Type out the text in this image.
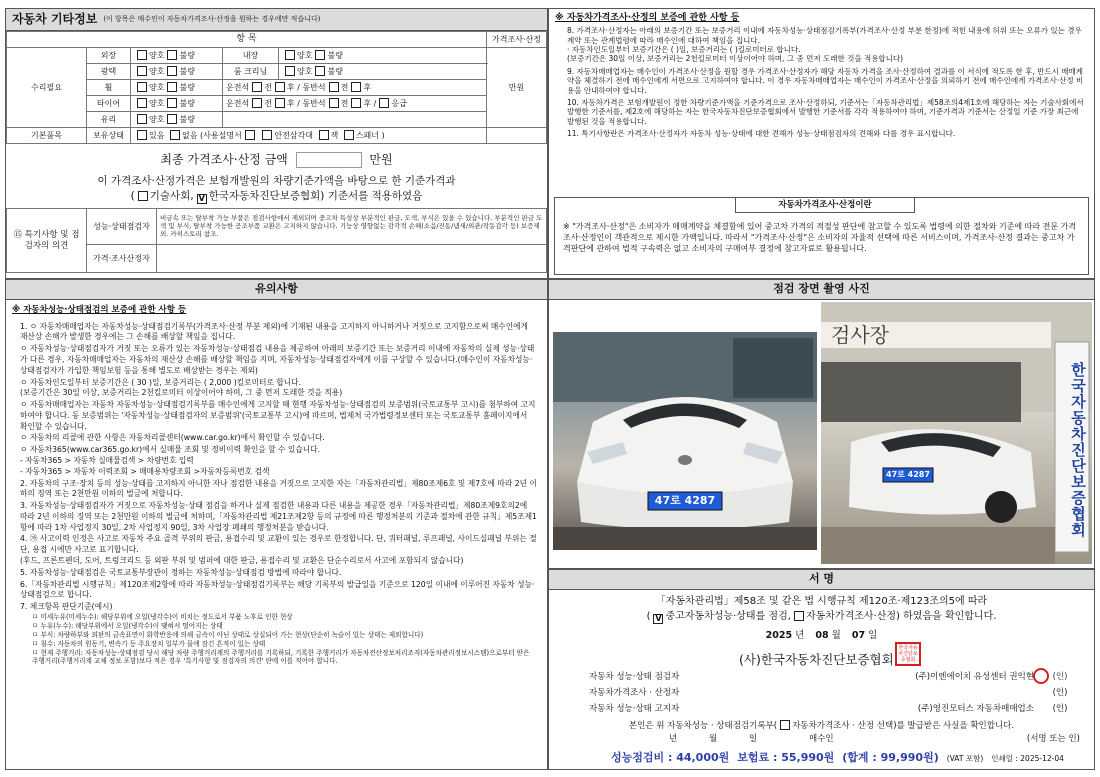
자동차 기타정보 (이 항목은 매수인이 자동차가격조사·산정을 원하는 경우에만 적습니다)
항 목					가격조사·산정
수리필요	외장	양호 불량	내장	양호 불량	만원
	광택	양호 불량	룸 크리닝	양호 불량	
	휠	양호 불량	운전석 전 후 / 동반석 전 후		
	타이어	양호 불량	운전석 전 후 / 동반석 전 후 / 응급		
	유리	양호 불량			
기본품목	보유상태	있음 없음 (사용설명서 안전삼각대 잭 스패너 )			
최종 가격조사·산정 금액	만원
이 가격조사·산정가격은 보험개발원의 차량기준가액을 바탕으로 한 기준가격과
( 기술사회, V 한국자동차진단보증협회) 기준서를 적용하였음
⑮ 특기사항 및 점검자의 의견	성능·상태점검자	비금속 또는 탈부착 가능 부품은 점검사항에서 제외되며 중고차 특성상 부분적인 판금, 도색, 부식은 있을 수 있습니다. 부분적인 판금 도색 및 부식, 탈부착 가능한 공조부품 교환은 고지하지 않습니다. 기능상 영향없는 감각적 손해(소음/진동/냄새/외관/작동감각 등) 보증제외. 카히스토리 참조.
	가격·조사산정자	
※ 자동차가격조사·산정의 보증에 관한 사항 등
8. 가격조사·산정자는 아래의 보증기간 또는 보증거리 이내에 자동차성능·상태점검기록부(가격조사·산정 부분 한정)에 적힌 내용에 허위 또는 오류가 있는 경우 계약 또는 관계법령에 따라 매수인에 대하여 책임을 집니다.
· 자동차인도일부터 보증기간은 ( )일, 보증거리는 ( )킬로미터로 합니다.
(보증기간은 30일 이상, 보증거리는 2천킬로미터 이상이어야 하며, 그 중 먼저 도래한 것을 적용합니다)
9. 자동차매매업자는 매수인이 가격조사·산정을 원할 경우 가격조사·산정자가 해당 자동차 가격을 조사·산정하여 결과를 이 서식에 적도록 한 후, 반드시 매매계약을 체결하기 전에 매수인에게 서면으로 고지하여야 합니다. 이 경우 자동차매매업자는 매수인이 가격조사·산정을 의뢰하기 전에 매수인에게 가격조사·산정 비용을 안내하여야 합니다.
10. 자동차가격은 보험개발원이 정한 차량기준가액을 기준가격으로 조사·산정하되, 기준서는「자동차관리법」제58조의4제1호에 해당하는 자는 기술사회에서 발행한 기준서를, 제2호에 해당하는 자는 한국자동차진단보증협회에서 발행한 기준서를 각각 적용하여야 하며, 기준가격과 기준서는 산정일 기준 가장 최근에 발행된 것을 적용합니다.
11. 특기사항란은 가격조사·산정자가 자동차 성능·상태에 대한 견해가 성능·상태점검자의 견해와 다를 경우 표시합니다.
자동차가격조사·산정이란
※ "가격조사·산정"은 소비자가 매매계약을 체결함에 있어 중고차 가격의 적절성 판단에 참고할 수 있도록 법령에 의한 절차와 기준에 따라 전문 가격조사·산정인이 객관적으로 제시한 가액입니다. 따라서 "가격조사·산정"은 소비자의 자율적 선택에 따른 서비스이며, 가격조사·산정 결과는 중고차 가격판단에 관하여 법적 구속력은 없고 소비자의 구매여부 결정에 참고자료로 활용됩니다.
유의사항
※ 자동차성능·상태점검의 보증에 관한 사항 등
1. ㅇ 자동차매매업자는 자동차성능·상태점검기록부(가격조사·산정 부분 제외)에 기재된 내용을 고지하지 아니하거나 거짓으로 고지함으로써 매수인에게 재산상 손해가 발생한 경우에는 그 손해를 배상할 책임을 집니다.
ㅇ 자동차성능·상태점검자가 거짓 또는 오류가 있는 자동차성능·상태점검 내용을 제공하여 아래의 보증기간 또는 보증거리 이내에 자동차의 실제 성능·상태가 다른 경우, 자동차매매업자는 자동차의 재산상 손해를 배상할 책임을 지며, 자동차성능·상태점검자에게 이를 구상할 수 있습니다.(매수인이 자동차성능·상태점검자가 가입한 책임보험 등을 통해 별도로 배상받는 경우는 제외)
ㅇ 자동차인도일부터 보증기간은 ( 30 )일, 보증거리는 ( 2,000 )킬로미터로 합니다.
(보증기간은 30일 이상, 보증거리는 2천킬로미터 이상이어야 하며, 그 중 먼저 도래한 것을 적용)
ㅇ 자동차매매업자는 자동차 자동차성능·상태점검기록부를 매수인에게 고지할 때 현행 자동차성능·상태점검의 보증범위(국토교통부 고시)를 첨부하여 고지하여야 합니다. 동 보증범위는 '자동차성능·상태점검자의 보증범위'(국토교통부 고시)에 따르며, 법제처 국가법령정보센터 또는 국토교통부 홈페이지에서 확인할 수 있습니다.
ㅇ 자동차의 리콜에 관한 사항은 자동차리콜센터(www.car.go.kr)에서 확인할 수 있습니다.
ㅇ 자동차365(www.car365.go.kr)에서 실매물 조회 및 정비이력 확인을 할 수 있습니다.
- 자동차365 > 자동차 실매물검색 > 차량번호 입력
- 자동차365 > 자동차 이력조회 > 매매용차량조회 >자동차등록번호 검색
2. 자동차의 구조·장치 등의 성능·상태를 고지하지 아니한 자나 점검한 내용을 거짓으로 고지한 자는「자동차관리법」제80조제6호 및 제7호에 따라 2년 이하의 징역 또는 2천만원 이하의 벌금에 처합니다.
3. 자동차성능·상태점검자가 거짓으로 자동차성능·상태 점검을 하거나 실제 점검한 내용과 다른 내용을 제공한 경우「자동차관리법」제80조제9호의2에 따라 2년 이하의 징역 또는 2천만원 이하의 벌금에 처하며,「자동차관리법 제21조제2항 등의 규정에 따른 행정처분의 기준과 절차에 관한 규칙」제5조제1항에 따라 1차 사업정지 30일, 2차 사업정지 90일, 3차 사업장 폐쇄의 행정처분을 받습니다.
4. ㉮ 사고이력 인정은 사고로 자동차 주요 골격 부위의 판금, 용접수리 및 교환이 있는 경우로 한정합니다. 단, 쿼터패널, 루프패널, 사이드실패널 부위는 절단, 용접 시에만 사고로 표기합니다.
(후드, 프론트펜더, 도어, 트렁크리드 등 외판 부위 및 범퍼에 대한 판금, 용접수리 및 교환은 단순수리로서 사고에 포함되지 않습니다)
5. 자동차성능·상태점검은 국토교통부장관이 정하는 자동차성능·상태점검 방법에 따라야 합니다.
6.「자동차관리법 시행규칙」제120조제2항에 따라 자동차성능·상태점검기록부는 해당 기록부의 발급일을 기준으로 120일 이내에 이루어진 자동차 성능·상태점검으로 합니다.
7. 체크항목 판단기준(예시)
ㅁ 미세누유(미세누수): 해당부위에 오일(냉각수)이 비치는 정도로서 부품 노후로 인한 현상
ㅁ 누유(누수): 해당부위에서 오일(냉각수)이 맺혀서 떨어지는 상태
ㅁ 부식: 차량하부와 외판의 금속표면이 화학반응에 의해 금속이 아닌 상태로 상실되어 가는 현상(단순히 녹슬어 있는 상태는 제외합니다)
ㅁ 침수: 자동차의 원동기, 변속기 등 주요장치 일부가 물에 잠긴 흔적이 있는 상태
ㅁ 현재 주행거리: 자동차성능·상태점검 당시 해당 차량 주행거리계의 주행거리를 기록하되, 기록한 주행거리가 자동차전산정보처리조직(자동차관리정보시스템)으로부터 받은 주행거리(주행거리계 교체 정보 포함)보다 적은 경우 '특기사항 및 점검자의 의견' 란에 이를 적어야 합니다.
점검 장면 촬영 사진
47로 4287
검사장
47로 4287	한국자동차진단보증협회
서 명
「자동차관리법」제58조 및 같은 법 시행규칙 제120조·제123조의5에 따라
( V 중고자동차성능·상태를 점검, 자동차가격조사·산정) 하였음을 확인합니다.
2025 년 08 월 07 일
(사)한국자동차진단보증협회
한국자동차진단보증협회
자동차 성능·상태 점검자	(주)이엔에이치 유성센터 권익현	(인)
자동차가격조사 · 산정자	(인)
자동차 성능·상태 고지자	(주)영진모터스 자동차매매업소	(인)
본인은 위 자동차성능 · 상태점검기록부( 자동차가격조사 · 산정 선택)를 발급받은 사실을 확인합니다.
년	월	일	매수인	(서명 또는 인)
성능점검비 : 44,000원 보험료 : 55,990원 (합계 : 99,990원) (VAT 포함) 인쇄일 : 2025-12-04
